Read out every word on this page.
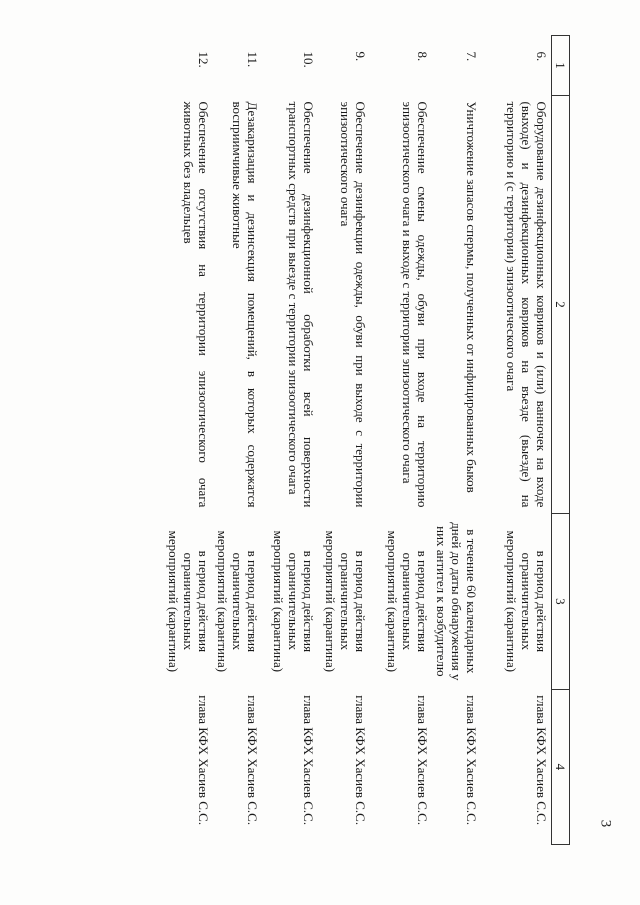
3
1	2	3	4
6.	Оборудование дезинфекционных ковриков и (или) ванночек на входе (выходе) и дезинфекционных ковриков на въезде (выезде) на территорию и (с территории) эпизоотического очага	в период действия ограничительных мероприятий (карантина)	глава КФХ Хасиев С.С.
7.	Уничтожение запасов спермы, полученных от инфицированных быков	в течение 60 календарных дней до даты обнаружения у них антител к возбудителю	глава КФХ Хасиев С.С.
8.	Обеспечение смены одежды, обуви при входе на территорию эпизоотического очага и выходе с территории эпизоотического очага	в период действия ограничительных мероприятий (карантина)	глава КФХ Хасиев С.С.
9.	Обеспечение дезинфекции одежды, обуви при выходе с территории эпизоотического очага	в период действия ограничительных мероприятий (карантина)	глава КФХ Хасиев С.С.
10.	Обеспечение дезинфекционной обработки всей поверхности транспортных средств при выезде с территории эпизоотического очага	в период действия ограничительных мероприятий (карантина)	глава КФХ Хасиев С.С.
11.	Дезакаризация и дезинсекция помещений, в которых содержатся восприимчивые животные	в период действия ограничительных мероприятий (карантина)	глава КФХ Хасиев С.С.
12.	Обеспечение отсутствия на территории эпизоотического очага животных без владельцев	в период действия ограничительных мероприятий (карантина)	глава КФХ Хасиев С.С.
